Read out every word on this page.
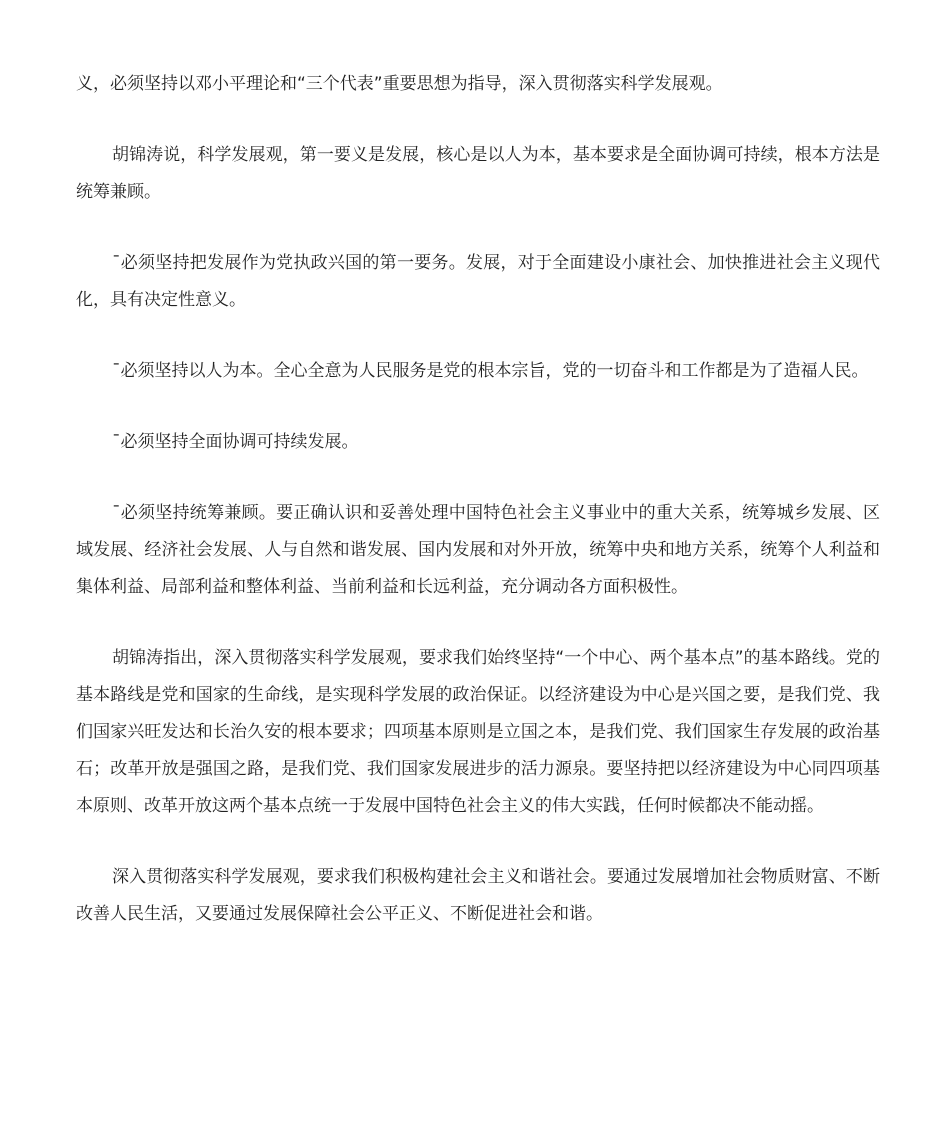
义，必须坚持以邓小平理论和“三个代表”重要思想为指导，深入贯彻落实科学发展观。

胡锦涛说，科学发展观，第一要义是发展，核心是以人为本，基本要求是全面协调可持续，根本方法是统筹兼顾。

¯必须坚持把发展作为党执政兴国的第一要务。发展，对于全面建设小康社会、加快推进社会主义现代化，具有决定性意义。

¯必须坚持以人为本。全心全意为人民服务是党的根本宗旨，党的一切奋斗和工作都是为了造福人民。

¯必须坚持全面协调可持续发展。

¯必须坚持统筹兼顾。要正确认识和妥善处理中国特色社会主义事业中的重大关系，统筹城乡发展、区域发展、经济社会发展、人与自然和谐发展、国内发展和对外开放，统筹中央和地方关系，统筹个人利益和集体利益、局部利益和整体利益、当前利益和长远利益，充分调动各方面积极性。

胡锦涛指出，深入贯彻落实科学发展观，要求我们始终坚持“一个中心、两个基本点”的基本路线。党的基本路线是党和国家的生命线，是实现科学发展的政治保证。以经济建设为中心是兴国之要，是我们党、我们国家兴旺发达和长治久安的根本要求；四项基本原则是立国之本，是我们党、我们国家生存发展的政治基石；改革开放是强国之路，是我们党、我们国家发展进步的活力源泉。要坚持把以经济建设为中心同四项基本原则、改革开放这两个基本点统一于发展中国特色社会主义的伟大实践，任何时候都决不能动摇。

深入贯彻落实科学发展观，要求我们积极构建社会主义和谐社会。要通过发展增加社会物质财富、不断改善人民生活，又要通过发展保障社会公平正义、不断促进社会和谐。
